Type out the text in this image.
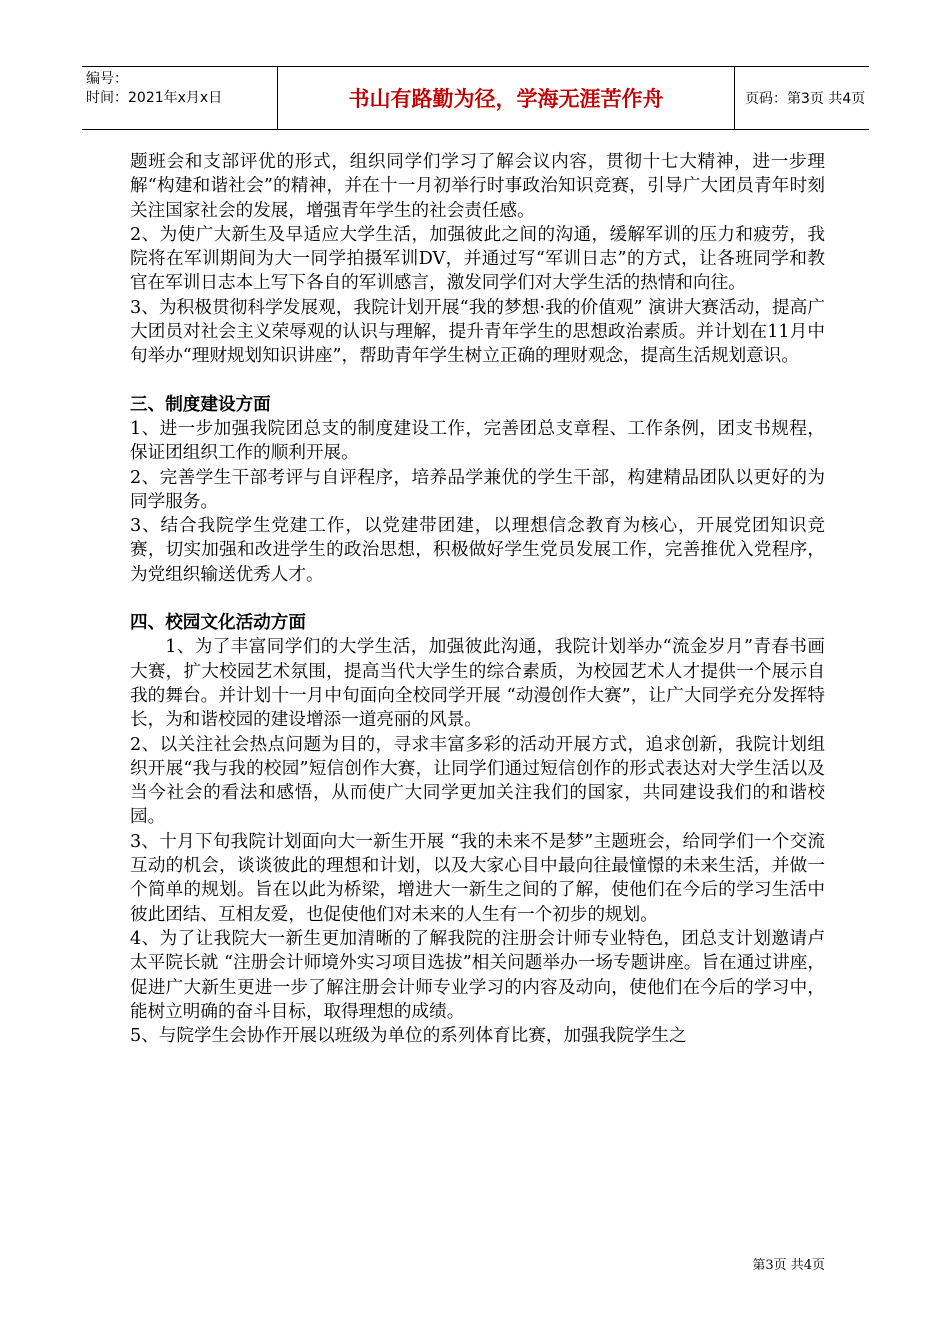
编号：
时间：2021年x月x日	书山有路勤为径，学海无涯苦作舟	页码：第3页 共4页

题班会和支部评优的形式，组织同学们学习了解会议内容，贯彻十七大精神，进一步理解“构建和谐社会”的精神，并在十一月初举行时事政治知识竞赛，引导广大团员青年时刻关注国家社会的发展，增强青年学生的社会责任感。

2、为使广大新生及早适应大学生活，加强彼此之间的沟通，缓解军训的压力和疲劳，我院将在军训期间为大一同学拍摄军训DV，并通过写“军训日志”的方式，让各班同学和教官在军训日志本上写下各自的军训感言，激发同学们对大学生活的热情和向往。

3、为积极贯彻科学发展观，我院计划开展“我的梦想·我的价值观” 演讲大赛活动，提高广大团员对社会主义荣辱观的认识与理解，提升青年学生的思想政治素质。并计划在11月中旬举办“理财规划知识讲座”，帮助青年学生树立正确的理财观念，提高生活规划意识。

三、制度建设方面

1、进一步加强我院团总支的制度建设工作，完善团总支章程、工作条例，团支书规程，保证团组织工作的顺利开展。

2、完善学生干部考评与自评程序，培养品学兼优的学生干部，构建精品团队以更好的为同学服务。

3、结合我院学生党建工作，以党建带团建，以理想信念教育为核心，开展党团知识竞赛，切实加强和改进学生的政治思想，积极做好学生党员发展工作，完善推优入党程序，为党组织输送优秀人才。

四、校园文化活动方面

1、为了丰富同学们的大学生活，加强彼此沟通，我院计划举办“流金岁月”青春书画大赛，扩大校园艺术氛围，提高当代大学生的综合素质，为校园艺术人才提供一个展示自我的舞台。并计划十一月中旬面向全校同学开展 “动漫创作大赛”，让广大同学充分发挥特长，为和谐校园的建设增添一道亮丽的风景。

2、以关注社会热点问题为目的，寻求丰富多彩的活动开展方式，追求创新，我院计划组织开展“我与我的校园”短信创作大赛，让同学们通过短信创作的形式表达对大学生活以及当今社会的看法和感悟，从而使广大同学更加关注我们的国家，共同建设我们的和谐校园。

3、十月下旬我院计划面向大一新生开展 “我的未来不是梦”主题班会，给同学们一个交流互动的机会，谈谈彼此的理想和计划，以及大家心目中最向往最憧憬的未来生活，并做一个简单的规划。旨在以此为桥梁，增进大一新生之间的了解，使他们在今后的学习生活中彼此团结、互相友爱，也促使他们对未来的人生有一个初步的规划。

4、为了让我院大一新生更加清晰的了解我院的注册会计师专业特色，团总支计划邀请卢太平院长就 “注册会计师境外实习项目选拔”相关问题举办一场专题讲座。旨在通过讲座，促进广大新生更进一步了解注册会计师专业学习的内容及动向，使他们在今后的学习中，能树立明确的奋斗目标，取得理想的成绩。

5、与院学生会协作开展以班级为单位的系列体育比赛，加强我院学生之

第3页 共4页
